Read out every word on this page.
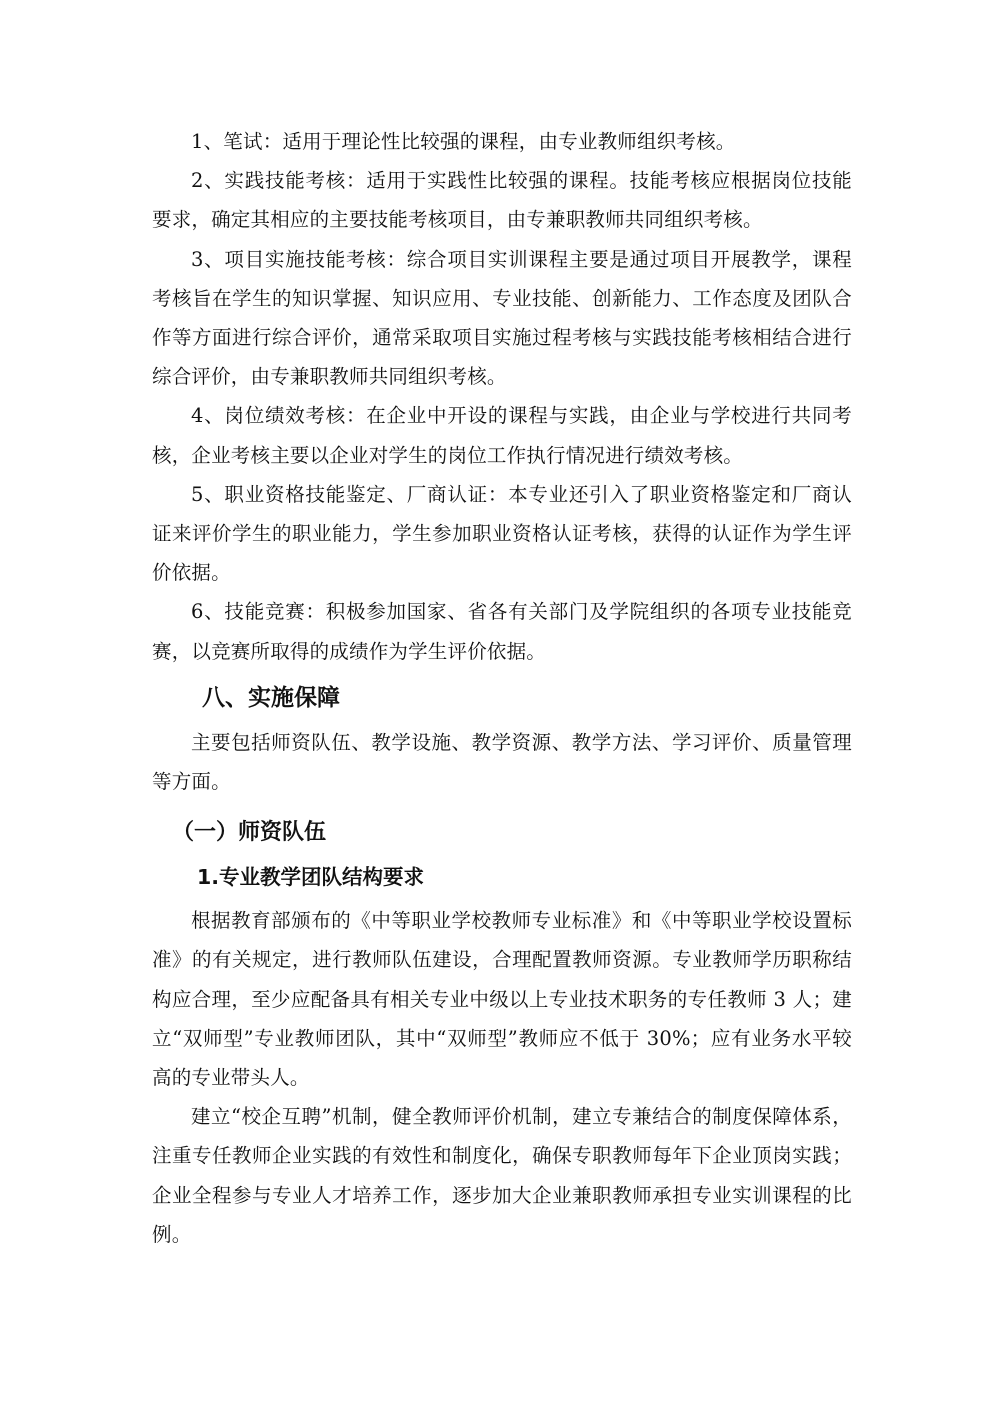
1、笔试：适用于理论性比较强的课程，由专业教师组织考核。

2、实践技能考核：适用于实践性比较强的课程。技能考核应根据岗位技能要求，确定其相应的主要技能考核项目，由专兼职教师共同组织考核。

3、项目实施技能考核：综合项目实训课程主要是通过项目开展教学，课程考核旨在学生的知识掌握、知识应用、专业技能、创新能力、工作态度及团队合作等方面进行综合评价，通常采取项目实施过程考核与实践技能考核相结合进行综合评价，由专兼职教师共同组织考核。

4、岗位绩效考核：在企业中开设的课程与实践，由企业与学校进行共同考核，企业考核主要以企业对学生的岗位工作执行情况进行绩效考核。

5、职业资格技能鉴定、厂商认证：本专业还引入了职业资格鉴定和厂商认证来评价学生的职业能力，学生参加职业资格认证考核，获得的认证作为学生评价依据。

6、技能竞赛：积极参加国家、省各有关部门及学院组织的各项专业技能竞赛，以竞赛所取得的成绩作为学生评价依据。

八、实施保障

主要包括师资队伍、教学设施、教学资源、教学方法、学习评价、质量管理等方面。

（一）师资队伍
1.专业教学团队结构要求

根据教育部颁布的《中等职业学校教师专业标准》和《中等职业学校设置标准》的有关规定，进行教师队伍建设，合理配置教师资源。专业教师学历职称结构应合理，至少应配备具有相关专业中级以上专业技术职务的专任教师 3 人；建立“双师型”专业教师团队，其中“双师型”教师应不低于 30%；应有业务水平较高的专业带头人。

建立“校企互聘”机制，健全教师评价机制，建立专兼结合的制度保障体系，注重专任教师企业实践的有效性和制度化，确保专职教师每年下企业顶岗实践；企业全程参与专业人才培养工作，逐步加大企业兼职教师承担专业实训课程的比例。
